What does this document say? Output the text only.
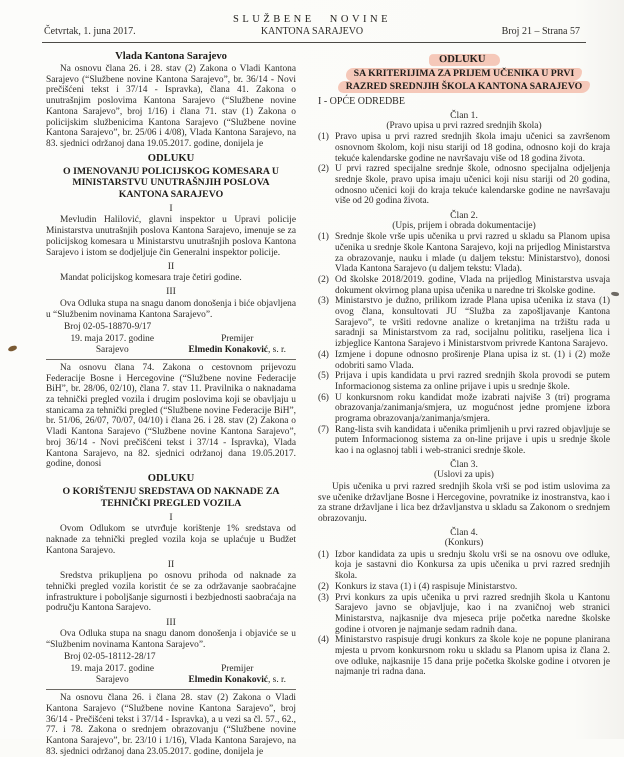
SLUŽBENE NOVINE
Četvrtak, 1. juna 2017.	KANTONA SARAJEVO	Broj 21 – Strana 57
Vlada Kantona Sarajevo

Na osnovu člana 26. i 28. stav (2) Zakona o Vladi Kantona Sarajevo (“Službene novine Kantona Sarajevo”, br. 36/14 - Novi prečišćeni tekst i 37/14 - Ispravka), člana 41. Zakona o unutrašnjim poslovima Kantona Sarajevo (“Službene novine Kantona Sarajevo”, broj 1/16) i člana 71. stav (1) Zakona o policijskim službenicima Kantona Sarajevo (“Službene novine Kantona Sarajevo”, br. 25/06 i 4/08), Vlada Kantona Sarajevo, na 83. sjednici održanoj dana 19.05.2017. godine, donijela je

ODLUKU
O IMENOVANJU POLICIJSKOG KOMESARA U MINISTARSTVU UNUTRAŠNJIH POSLOVA KANTONA SARAJEVO
I

Mevludin Halilović, glavni inspektor u Upravi policije Ministarstva unutrašnjih poslova Kantona Sarajevo, imenuje se za policijskog komesara u Ministarstvu unutrašnjih poslova Kantona Sarajevo i istom se dodjeljuje čin Generalni inspektor policije.

II

Mandat policijskog komesara traje četiri godine.

III

Ova Odluka stupa na snagu danom donošenja i biće objavljena u “Službenim novinama Kantona Sarajevo”.

Broj 02-05-18870-9/17
19. maja 2017. godine	Premijer
Sarajevo	Elmedin Konaković, s. r.

Na osnovu člana 74. Zakona o cestovnom prijevozu Federacije Bosne i Hercegovine (“Službene novine Federacije BiH”, br. 28/06, 02/10), člana 7. stav 11. Pravilnika o naknadama za tehnički pregled vozila i drugim poslovima koji se obavljaju u stanicama za tehnički pregled (“Službene novine Federacije BiH”, br. 51/06, 26/07, 70/07, 04/10) i člana 26. i 28. stav (2) Zakona o Vladi Kantona Sarajevo (“Službene novine Kantona Sarajevo”, broj 36/14 - Novi prečišćeni tekst i 37/14 - Ispravka), Vlada Kantona Sarajevo, na 82. sjednici održanoj dana 19.05.2017. godine, donosi

ODLUKU
O KORIŠTENJU SREDSTAVA OD NAKNADE ZA TEHNIČKI PREGLED VOZILA
I

Ovom Odlukom se utvrđuje korištenje 1% sredstava od naknade za tehnički pregled vozila koja se uplaćuje u Budžet Kantona Sarajevo.

II

Sredstva prikupljena po osnovu prihoda od naknade za tehnički pregled vozila koristit će se za održavanje saobraćajne infrastrukture i poboljšanje sigurnosti i bezbjednosti saobraćaja na području Kantona Sarajevo.

III

Ova Odluka stupa na snagu danom donošenja i objaviće se u “Službenim novinama Kantona Sarajevo”.

Broj 02-05-18112-28/17
19. maja 2017. godine	Premijer
Sarajevo	Elmedin Konaković, s. r.

Na osnovu člana 26. i člana 28. stav (2) Zakona o Vladi Kantona Sarajevo (“Službene novine Kantona Sarajevo”, broj 36/14 - Prečišćeni tekst i 37/14 - Ispravka), a u vezi sa čl. 57., 62., 77. i 78. Zakona o srednjem obrazovanju (“Službene novine Kantona Sarajevo”, br. 23/10 i 1/16), Vlada Kantona Sarajevo, na 83. sjednici održanoj dana 23.05.2017. godine, donijela je

ODLUKU
SA KRITERIJIMA ZA PRIJEM UČENIKA U PRVI
RAZRED SREDNJIH ŠKOLA KANTONA SARAJEVO
I - OPĆE ODREDBE
Član 1.
(Pravo upisa u prvi razred srednjih škola)
(1) Pravo upisa u prvi razred srednjih škola imaju učenici sa završenom osnovnom školom, koji nisu stariji od 18 godina, odnosno koji do kraja tekuće kalendarske godine ne navršavaju više od 18 godina života.
(2) U prvi razred specijalne srednje škole, odnosno specijalna odjeljenja srednje škole, pravo upisa imaju učenici koji nisu stariji od 20 godina, odnosno učenici koji do kraja tekuće kalendarske godine ne navršavaju više od 20 godina života.
Član 2.
(Upis, prijem i obrada dokumentacije)
(1) Srednje škole vrše upis učenika u prvi razred u skladu sa Planom upisa učenika u srednje škole Kantona Sarajevo, koji na prijedlog Ministarstva za obrazovanje, nauku i mlade (u daljem tekstu: Ministarstvo), donosi Vlada Kantona Sarajevo (u daljem tekstu: Vlada).
(2) Od školske 2018/2019. godine, Vlada na prijedlog Ministarstva usvaja dokument okvirnog plana upisa učenika u naredne tri školske godine.
(3) Ministarstvo je dužno, prilikom izrade Plana upisa učenika iz stava (1) ovog člana, konsultovati JU “Služba za zapošljavanje Kantona Sarajevo”, te vršiti redovne analize o kretanjima na tržištu rada u saradnji sa Ministarstvom za rad, socijalnu politiku, raseljena lica i izbjeglice Kantona Sarajevo i Ministarstvom privrede Kantona Sarajevo.
(4) Izmjene i dopune odnosno proširenje Plana upisa iz st. (1) i (2) može odobriti samo Vlada.
(5) Prijava i upis kandidata u prvi razred srednjih škola provodi se putem Informacionog sistema za online prijave i upis u srednje škole.
(6) U konkursnom roku kandidat može izabrati najviše 3 (tri) programa obrazovanja/zanimanja/smjera, uz mogućnost jedne promjene izbora programa obrazovanja/zanimanja/smjera.
(7) Rang-lista svih kandidata i učenika primljenih u prvi razred objavljuje se putem Informacionog sistema za on-line prijave i upis u srednje škole kao i na oglasnoj tabli i web-stranici srednje škole.
Član 3.
(Uslovi za upis)

Upis učenika u prvi razred srednjih škola vrši se pod istim uslovima za sve učenike državljane Bosne i Hercegovine, povratnike iz inostranstva, kao i za strane državljane i lica bez državljanstva u skladu sa Zakonom o srednjem obrazovanju.

Član 4.
(Konkurs)
(1) Izbor kandidata za upis u srednju školu vrši se na osnovu ove odluke, koja je sastavni dio Konkursa za upis učenika u prvi razred srednjih škola.
(2) Konkurs iz stava (1) i (4) raspisuje Ministarstvo.
(3) Prvi konkurs za upis učenika u prvi razred srednjih škola u Kantonu Sarajevo javno se objavljuje, kao i na zvaničnoj web stranici Ministarstva, najkasnije dva mjeseca prije početka naredne školske godine i otvoren je najmanje sedam radnih dana.
(4) Ministarstvo raspisuje drugi konkurs za škole koje ne popune planirana mjesta u prvom konkursnom roku u skladu sa Planom upisa iz člana 2. ove odluke, najkasnije 15 dana prije početka školske godine i otvoren je najmanje tri radna dana.
